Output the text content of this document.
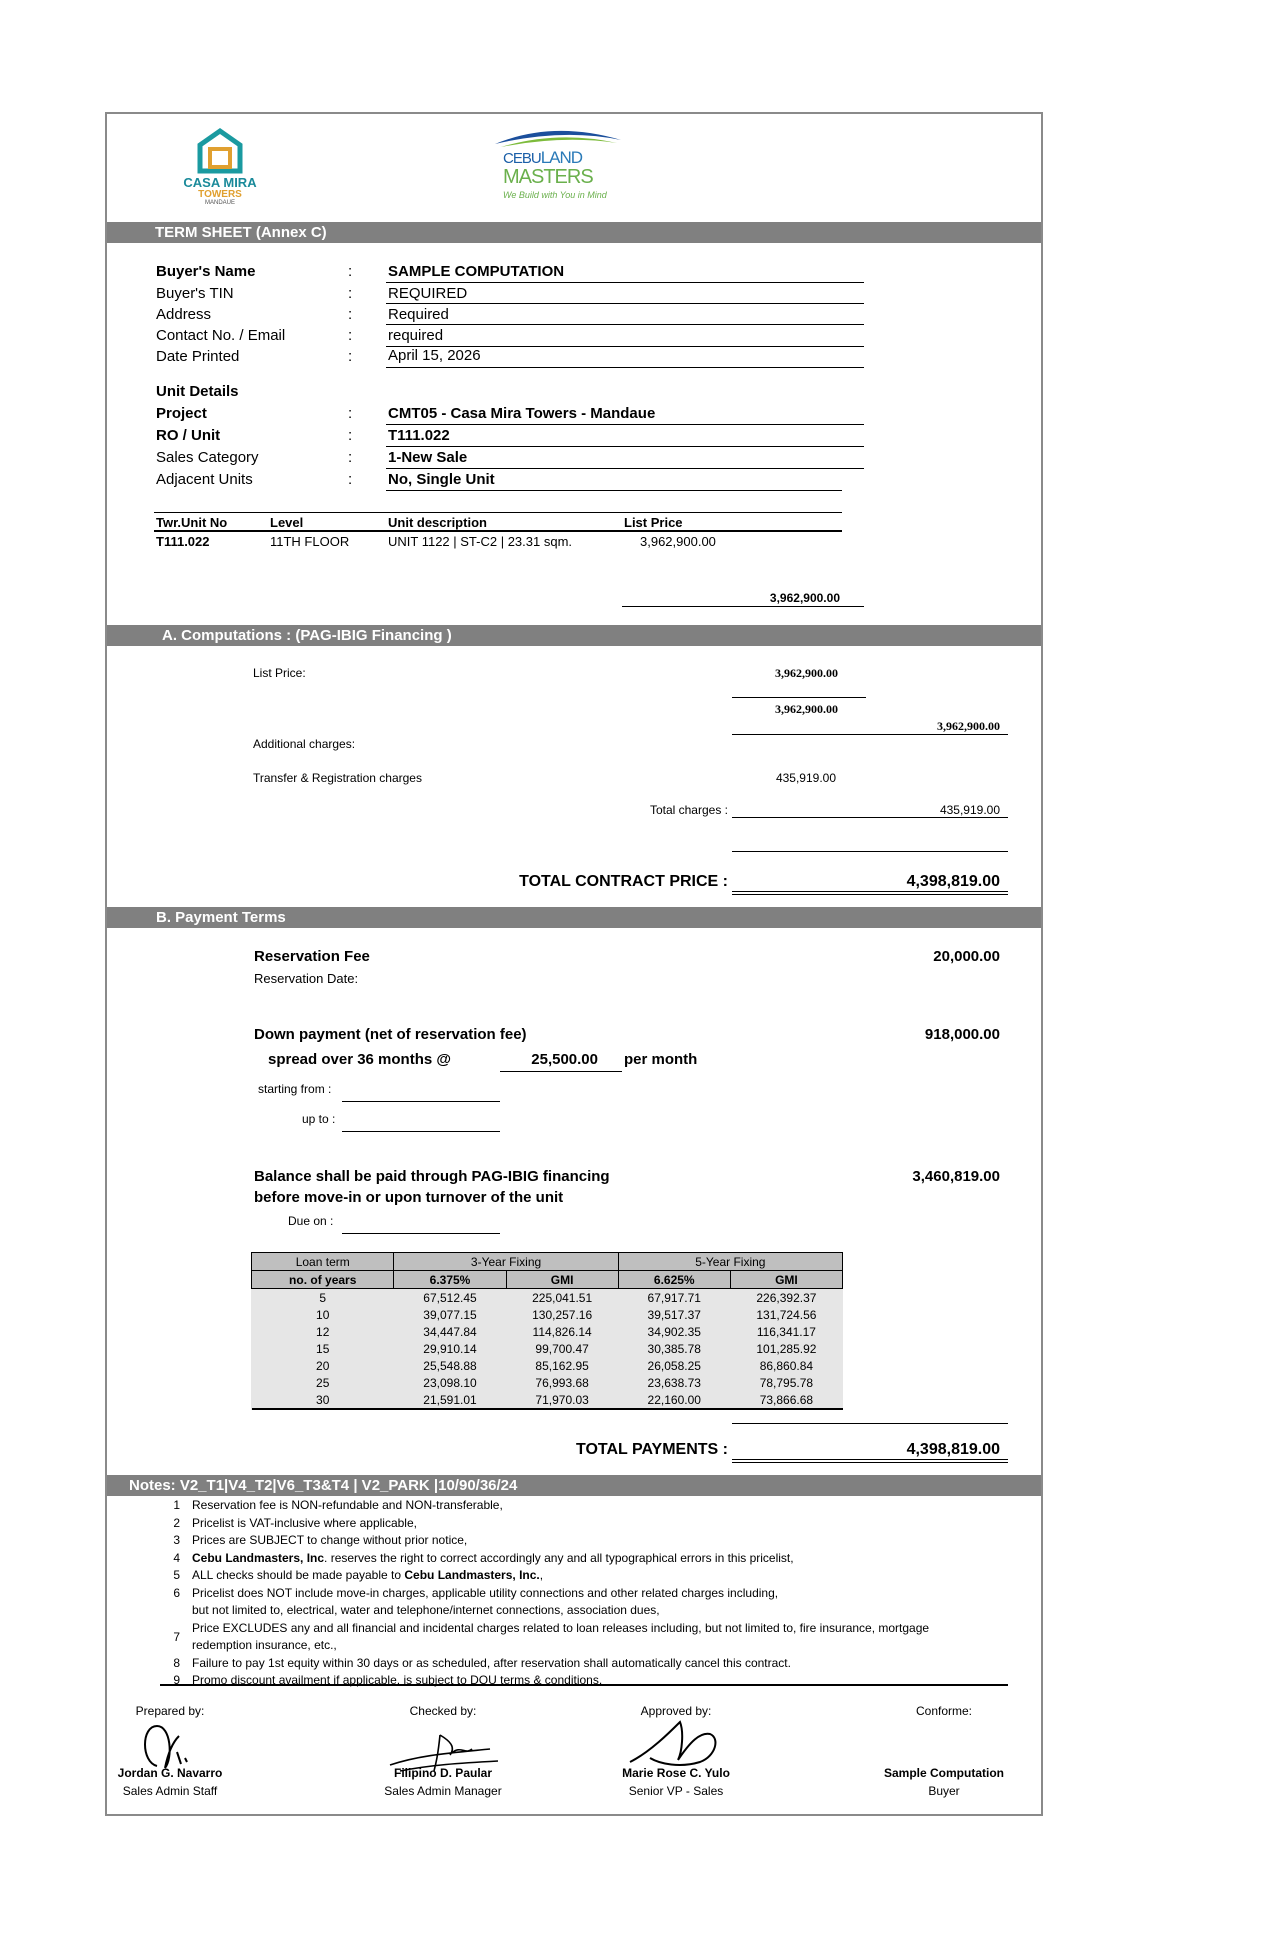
CASA MIRA
TOWERS
MANDAUE
CEBULAND
MASTERS
We Build with You in Mind
TERM SHEET (Annex C)
Buyer's Name	: SAMPLE COMPUTATION
Buyer's TIN	: REQUIRED
Address	: Required
Contact No. / Email	: required
Date Printed	: April 15, 2026
Unit Details
Project	: CMT05 - Casa Mira Towers - Mandaue
RO / Unit	: T111.022
Sales Category	: 1-New Sale
Adjacent Units	: No, Single Unit
Twr.Unit No	Level	Unit description	List Price
T111.022	11TH FLOOR	UNIT 1122 | ST-C2 | 23.31 sqm.	3,962,900.00
3,962,900.00
A. Computations : (PAG-IBIG Financing )
List Price:	3,962,900.00
3,962,900.00
3,962,900.00
Additional charges:
Transfer & Registration charges	435,919.00
Total charges :	435,919.00
TOTAL CONTRACT PRICE :	4,398,819.00
B. Payment Terms
Reservation Fee	20,000.00
Reservation Date:
Down payment (net of reservation fee)	918,000.00
spread over 36 months @	25,500.00 per month
starting from :
up to :
Balance shall be paid through PAG-IBIG financing
before move-in or upon turnover of the unit
3,460,819.00
Due on :
Loan term	3-Year Fixing		5-Year Fixing	
no. of years	6.375%	GMI	6.625%	GMI
5	67,512.45	225,041.51	67,917.71	226,392.37
10	39,077.15	130,257.16	39,517.37	131,724.56
12	34,447.84	114,826.14	34,902.35	116,341.17
15	29,910.14	99,700.47	30,385.78	101,285.92
20	25,548.88	85,162.95	26,058.25	86,860.84
25	23,098.10	76,993.68	23,638.73	78,795.78
30	21,591.01	71,970.03	22,160.00	73,866.68
TOTAL PAYMENTS :	4,398,819.00
Notes: V2_T1|V4_T2|V6_T3&T4 | V2_PARK |10/90/36/24
1 Reservation fee is NON-refundable and NON-transferable,
2 Pricelist is VAT-inclusive where applicable,
3 Prices are SUBJECT to change without prior notice,
4 Cebu Landmasters, Inc. reserves the right to correct accordingly any and all typographical errors in this pricelist,
5 ALL checks should be made payable to Cebu Landmasters, Inc.,
6 Pricelist does NOT include move-in charges, applicable utility connections and other related charges including,
but not limited to, electrical, water and telephone/internet connections, association dues,
7
Price EXCLUDES any and all financial and incidental charges related to loan releases including, but not limited to, fire insurance, mortgage
redemption insurance, etc.,
8 Failure to pay 1st equity within 30 days or as scheduled, after reservation shall automatically cancel this contract.
9 Promo discount availment if applicable, is subject to DOU terms & conditions.
Prepared by:	Checked by:	Approved by:	Conforme:
Jordan G. Navarro	Filipino D. Paular	Marie Rose C. Yulo	Sample Computation
Sales Admin Staff	Sales Admin Manager	Senior VP - Sales	Buyer
